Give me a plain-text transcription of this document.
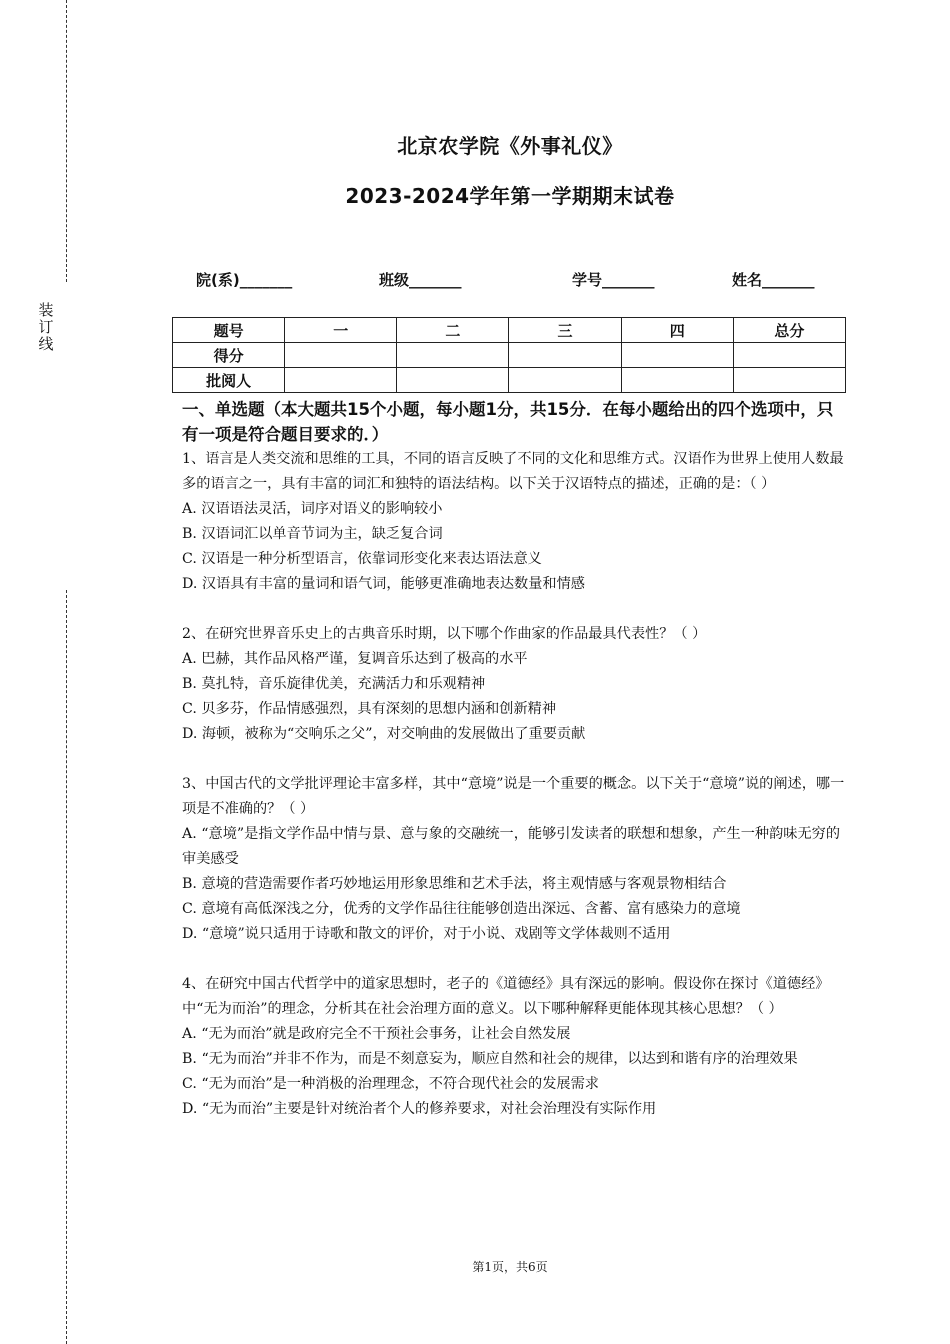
装
订
线
北京农学院《外事礼仪》
2023-2024学年第一学期期末试卷
院(系)_______	班级_______	学号_______	姓名_______
题号	一	二	三	四	总分
得分					
批阅人					

一、单选题（本大题共15个小题，每小题1分，共15分．在每小题给出的四个选项中，只有一项是符合题目要求的．）

1、语言是人类交流和思维的工具，不同的语言反映了不同的文化和思维方式。汉语作为世界上使用人数最多的语言之一，具有丰富的词汇和独特的语法结构。以下关于汉语特点的描述，正确的是：（ ）

A. 汉语语法灵活，词序对语义的影响较小

B. 汉语词汇以单音节词为主，缺乏复合词

C. 汉语是一种分析型语言，依靠词形变化来表达语法意义

D. 汉语具有丰富的量词和语气词，能够更准确地表达数量和情感

2、在研究世界音乐史上的古典音乐时期，以下哪个作曲家的作品最具代表性？（ ）

A. 巴赫，其作品风格严谨，复调音乐达到了极高的水平

B. 莫扎特，音乐旋律优美，充满活力和乐观精神

C. 贝多芬，作品情感强烈，具有深刻的思想内涵和创新精神

D. 海顿，被称为“交响乐之父”，对交响曲的发展做出了重要贡献

3、中国古代的文学批评理论丰富多样，其中“意境”说是一个重要的概念。以下关于“意境”说的阐述，哪一项是不准确的？（ ）

A. “意境”是指文学作品中情与景、意与象的交融统一，能够引发读者的联想和想象，产生一种韵味无穷的审美感受

B. 意境的营造需要作者巧妙地运用形象思维和艺术手法，将主观情感与客观景物相结合

C. 意境有高低深浅之分，优秀的文学作品往往能够创造出深远、含蓄、富有感染力的意境

D. “意境”说只适用于诗歌和散文的评价，对于小说、戏剧等文学体裁则不适用

4、在研究中国古代哲学中的道家思想时，老子的《道德经》具有深远的影响。假设你在探讨《道德经》中“无为而治”的理念，分析其在社会治理方面的意义。以下哪种解释更能体现其核心思想？（ ）

A. “无为而治”就是政府完全不干预社会事务，让社会自然发展

B. “无为而治”并非不作为，而是不刻意妄为，顺应自然和社会的规律，以达到和谐有序的治理效果

C. “无为而治”是一种消极的治理理念，不符合现代社会的发展需求

D. “无为而治”主要是针对统治者个人的修养要求，对社会治理没有实际作用

第1页，共6页
